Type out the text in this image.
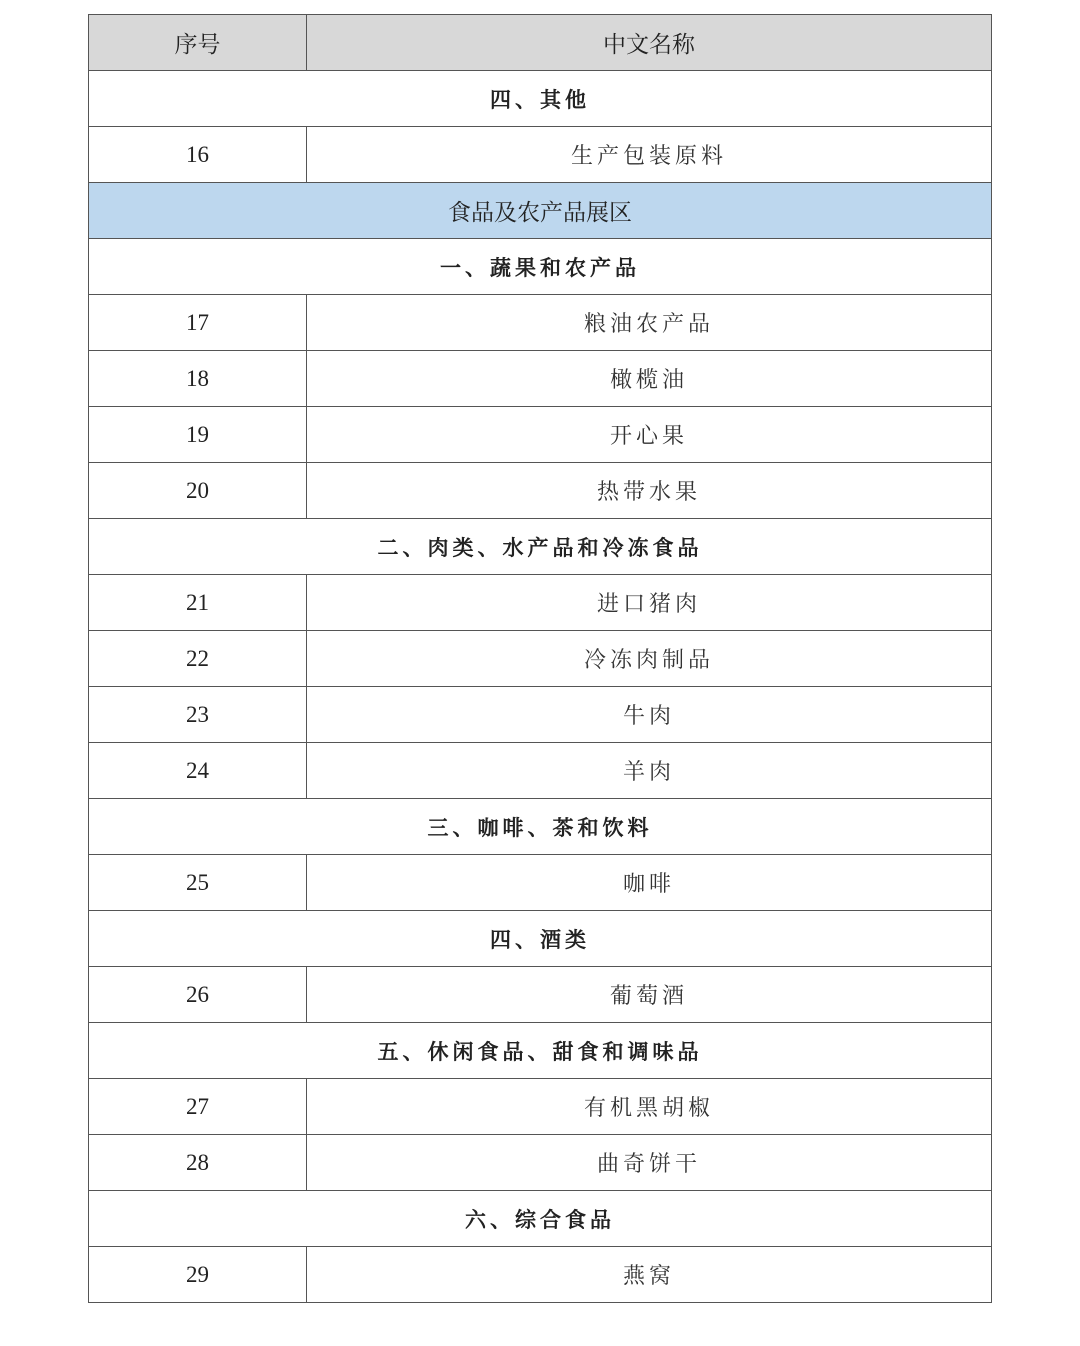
序号	中文名称
四、其他	
16	生产包装原料
食品及农产品展区	
一、蔬果和农产品	
17	粮油农产品
18	橄榄油
19	开心果
20	热带水果
二、肉类、水产品和冷冻食品	
21	进口猪肉
22	冷冻肉制品
23	牛肉
24	羊肉
三、咖啡、茶和饮料	
25	咖啡
四、酒类	
26	葡萄酒
五、休闲食品、甜食和调味品	
27	有机黑胡椒
28	曲奇饼干
六、综合食品	
29	燕窝
